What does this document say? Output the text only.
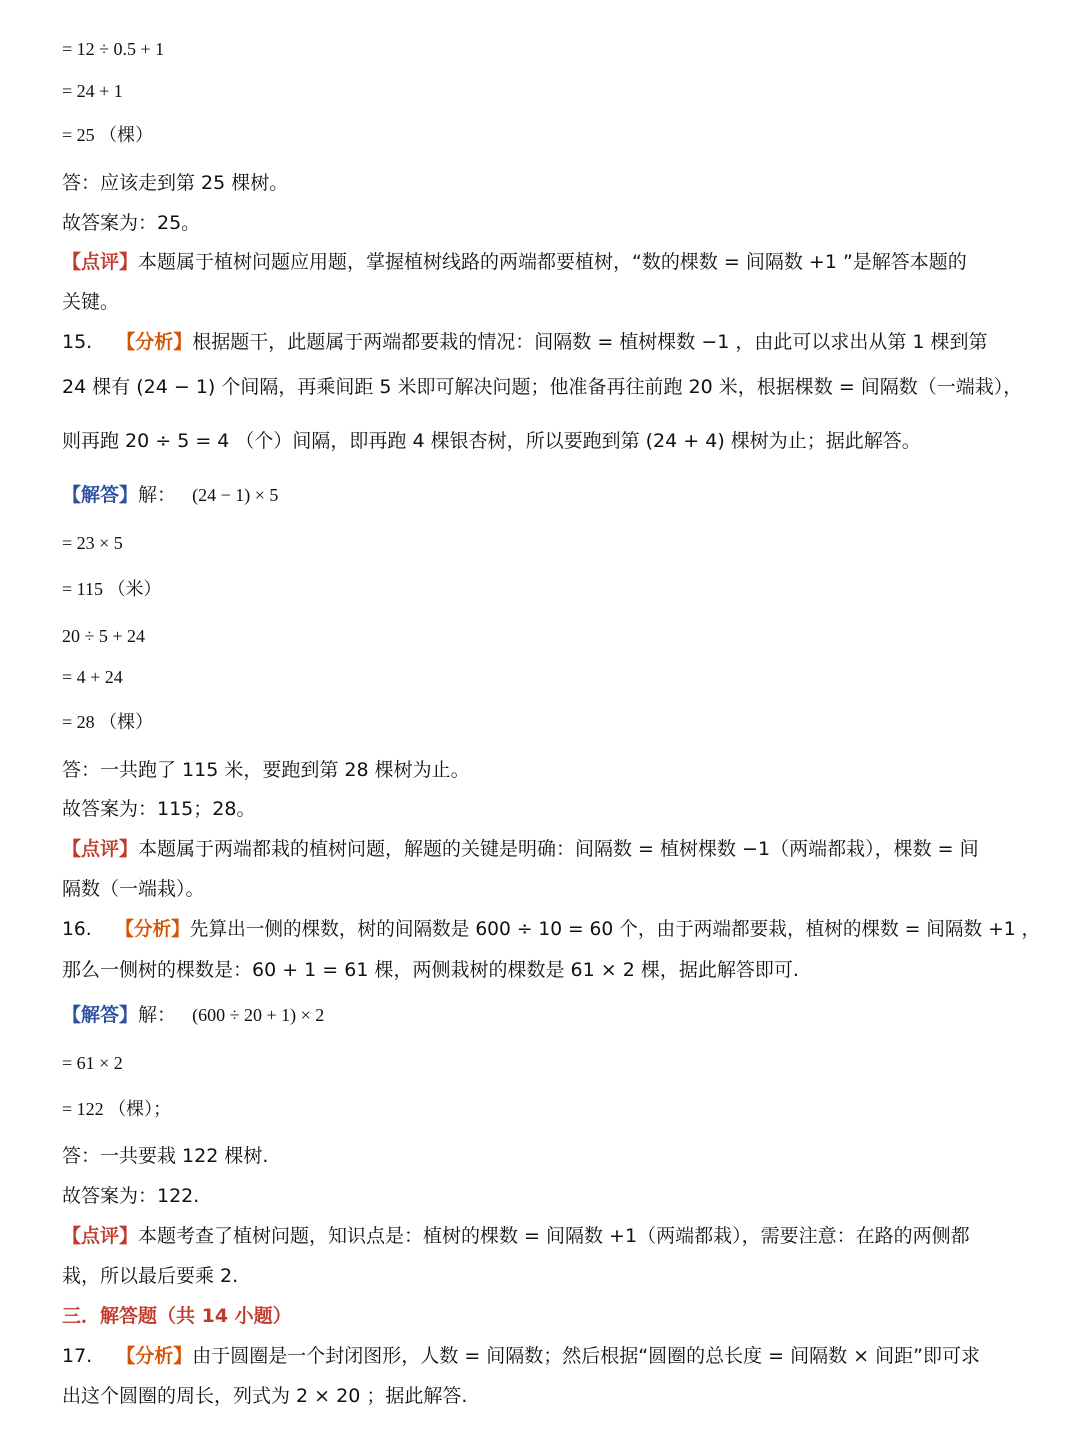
= 12 ÷ 0.5 + 1
= 24 + 1
= 25 （棵）
答：应该走到第 25 棵树。
故答案为：25。
【点评】本题属于植树问题应用题，掌握植树线路的两端都要植树，“数的棵数 = 间隔数 +1 ”是解答本题的
关键。
15. 【分析】根据题干，此题属于两端都要栽的情况：间隔数 = 植树棵数 −1 ，由此可以求出从第 1 棵到第
24 棵有 (24 − 1) 个间隔，再乘间距 5 米即可解决问题；他准备再往前跑 20 米，根据棵数 = 间隔数（一端栽），
则再跑 20 ÷ 5 = 4 （个）间隔，即再跑 4 棵银杏树，所以要跑到第 (24 + 4) 棵树为止；据此解答。
【解答】解： (24 − 1) × 5
= 23 × 5
= 115 （米）
20 ÷ 5 + 24
= 4 + 24
= 28 （棵）
答：一共跑了 115 米，要跑到第 28 棵树为止。
故答案为：115；28。
【点评】本题属于两端都栽的植树问题，解题的关键是明确：间隔数 = 植树棵数 −1（两端都栽），棵数 = 间
隔数（一端栽）。
16. 【分析】先算出一侧的棵数，树的间隔数是 600 ÷ 10 = 60 个，由于两端都要栽，植树的棵数 = 间隔数 +1 ，
那么一侧树的棵数是：60 + 1 = 61 棵，两侧栽树的棵数是 61 × 2 棵，据此解答即可.
【解答】解： (600 ÷ 20 + 1) × 2
= 61 × 2
= 122 （棵）；
答：一共要栽 122 棵树.
故答案为：122.
【点评】本题考查了植树问题，知识点是：植树的棵数 = 间隔数 +1（两端都栽），需要注意：在路的两侧都
栽，所以最后要乘 2.
三．解答题（共 14 小题）
17. 【分析】由于圆圈是一个封闭图形，人数 = 间隔数；然后根据“圆圈的总长度 = 间隔数 × 间距”即可求
出这个圆圈的周长，列式为 2 × 20 ；据此解答.
